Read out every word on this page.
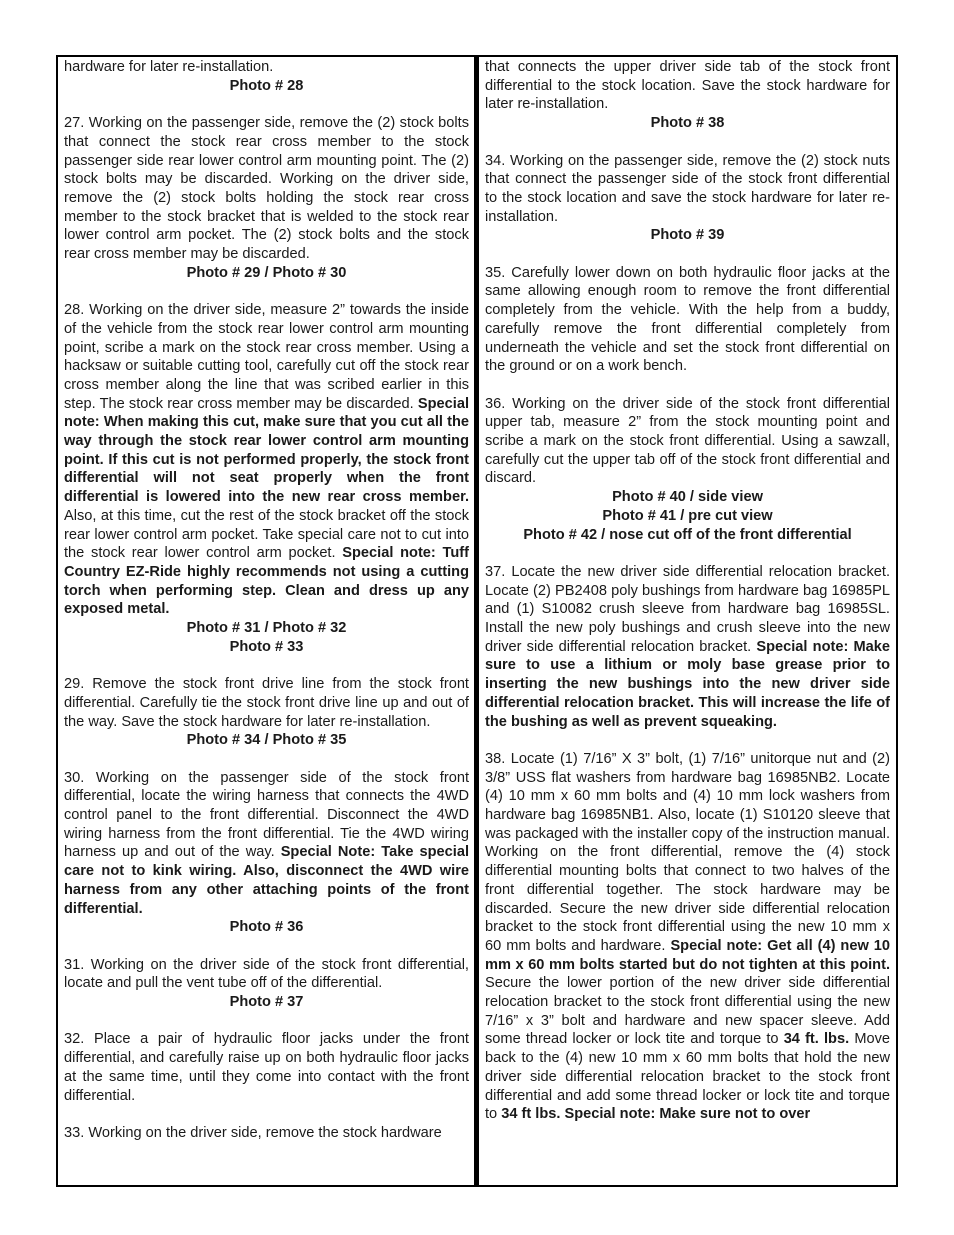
hardware for later re-installation.

Photo # 28

27. Working on the passenger side, remove the (2) stock bolts that connect the stock rear cross member to the stock passenger side rear lower control arm mounting point. The (2) stock bolts may be discarded. Working on the driver side, remove the (2) stock bolts holding the stock rear cross member to the stock bracket that is welded to the stock rear lower control arm pocket. The (2) stock bolts and the stock rear cross member may be discarded.

Photo # 29 / Photo # 30

28. Working on the driver side, measure 2” towards the inside of the vehicle from the stock rear lower control arm mounting point, scribe a mark on the stock rear cross member. Using a hacksaw or suitable cutting tool, carefully cut off the stock rear cross member along the line that was scribed earlier in this step. The stock rear cross member may be discarded. Special note: When making this cut, make sure that you cut all the way through the stock rear lower control arm mounting point. If this cut is not performed properly, the stock front differential will not seat properly when the front differential is lowered into the new rear cross member. Also, at this time, cut the rest of the stock bracket off the stock rear lower control arm pocket. Take special care not to cut into the stock rear lower control arm pocket. Special note: Tuff Country EZ-Ride highly recommends not using a cutting torch when performing step. Clean and dress up any exposed metal.

Photo # 31 / Photo # 32

Photo # 33

29. Remove the stock front drive line from the stock front differential. Carefully tie the stock front drive line up and out of the way. Save the stock hardware for later re-installation.

Photo # 34 / Photo # 35

30. Working on the passenger side of the stock front differential, locate the wiring harness that connects the 4WD control panel to the front differential. Disconnect the 4WD wiring harness from the front differential. Tie the 4WD wiring harness up and out of the way. Special Note: Take special care not to kink wiring. Also, disconnect the 4WD wire harness from any other attaching points of the front differential.

Photo # 36

31. Working on the driver side of the stock front differential, locate and pull the vent tube off of the differential.

Photo # 37

32. Place a pair of hydraulic floor jacks under the front differential, and carefully raise up on both hydraulic floor jacks at the same time, until they come into contact with the front differential.

33. Working on the driver side, remove the stock hardware

that connects the upper driver side tab of the stock front differential to the stock location. Save the stock hardware for later re-installation.

Photo # 38

34. Working on the passenger side, remove the (2) stock nuts that connect the passenger side of the stock front differential to the stock location and save the stock hardware for later re-installation.

Photo # 39

35. Carefully lower down on both hydraulic floor jacks at the same allowing enough room to remove the front differential completely from the vehicle. With the help from a buddy, carefully remove the front differential completely from underneath the vehicle and set the stock front differential on the ground or on a work bench.

36. Working on the driver side of the stock front differential upper tab, measure 2” from the stock mounting point and scribe a mark on the stock front differential. Using a sawzall, carefully cut the upper tab off of the stock front differential and discard.

Photo # 40 / side view

Photo # 41 / pre cut view

Photo # 42 / nose cut off of the front differential

37. Locate the new driver side differential relocation bracket. Locate (2) PB2408 poly bushings from hardware bag 16985PL and (1) S10082 crush sleeve from hardware bag 16985SL. Install the new poly bushings and crush sleeve into the new driver side differential relocation bracket. Special note: Make sure to use a lithium or moly base grease prior to inserting the new bushings into the new driver side differential relocation bracket. This will increase the life of the bushing as well as prevent squeaking.

38. Locate (1) 7/16” X 3” bolt, (1) 7/16” unitorque nut and (2) 3/8” USS flat washers from hardware bag 16985NB2. Locate (4) 10 mm x 60 mm bolts and (4) 10 mm lock washers from hardware bag 16985NB1. Also, locate (1) S10120 sleeve that was packaged with the installer copy of the instruction manual. Working on the front differential, remove the (4) stock differential mounting bolts that connect to two halves of the front differential together. The stock hardware may be discarded. Secure the new driver side differential relocation bracket to the stock front differential using the new 10 mm x 60 mm bolts and hardware. Special note: Get all (4) new 10 mm x 60 mm bolts started but do not tighten at this point. Secure the lower portion of the new driver side differential relocation bracket to the stock front differential using the new 7/16” x 3” bolt and hardware and new spacer sleeve. Add some thread locker or lock tite and torque to 34 ft. lbs. Move back to the (4) new 10 mm x 60 mm bolts that hold the new driver side differential relocation bracket to the stock front differential and add some thread locker or lock tite and torque to 34 ft lbs. Special note: Make sure not to over
